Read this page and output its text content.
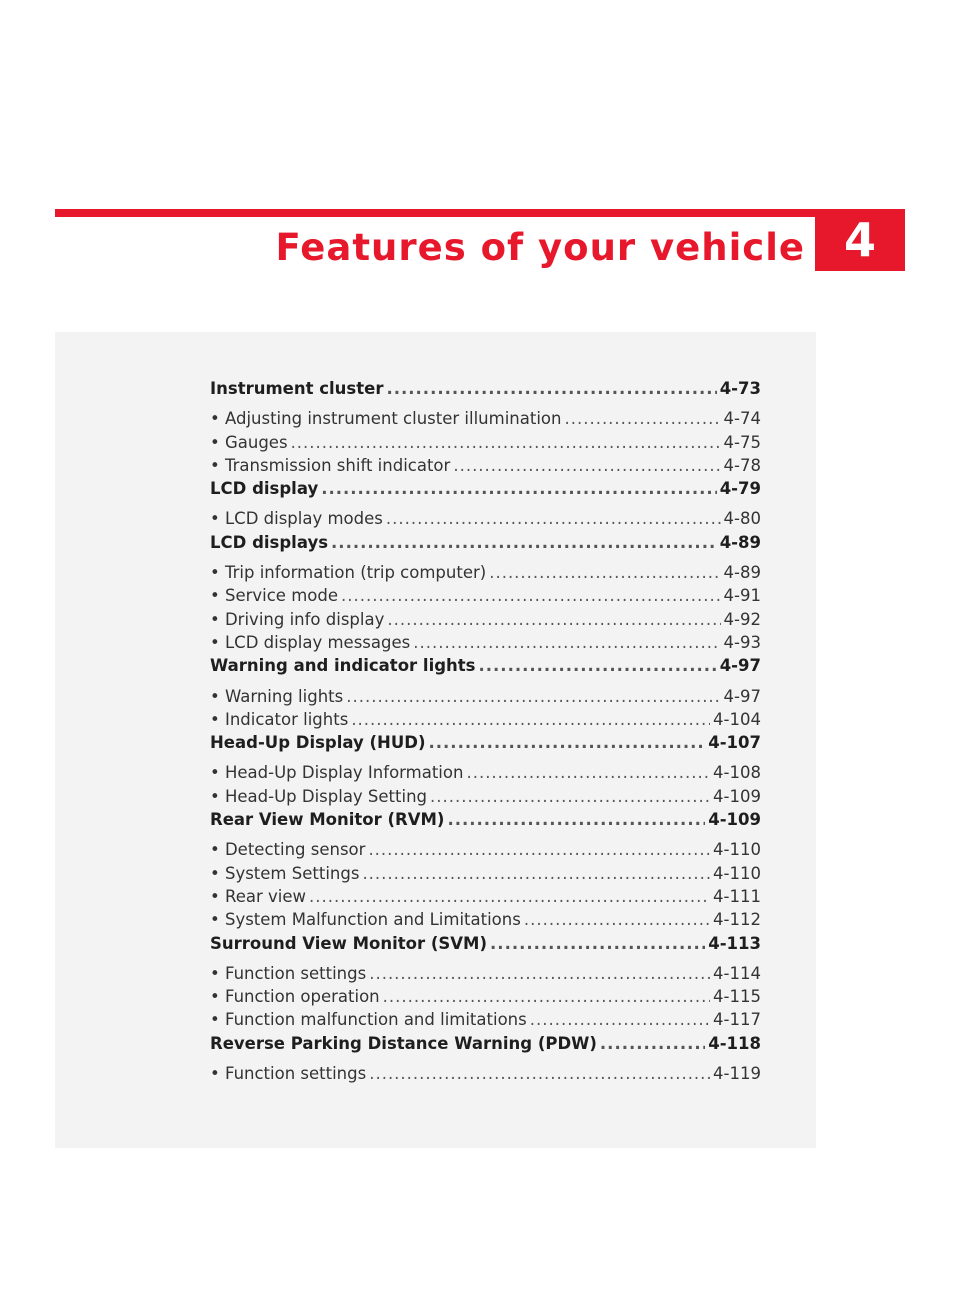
Features of your vehicle 4
Instrument cluster .....	4-73
• Adjusting instrument cluster illumination .....	4-74
• Gauges .....	4-75
• Transmission shift indicator .....	4-78
LCD display .....	4-79
• LCD display modes .....	4-80
LCD displays .....	4-89
• Trip information (trip computer) .....	4-89
• Service mode .....	4-91
• Driving info display .....	4-92
• LCD display messages .....	4-93
Warning and indicator lights .....	4-97
• Warning lights .....	4-97
• Indicator lights .....	4-104
Head-Up Display (HUD) .....	4-107
• Head-Up Display Information .....	4-108
• Head-Up Display Setting .....	4-109
Rear View Monitor (RVM) .....	4-109
• Detecting sensor .....	4-110
• System Settings .....	4-110
• Rear view .....	4-111
• System Malfunction and Limitations .....	4-112
Surround View Monitor (SVM) .....	4-113
• Function settings .....	4-114
• Function operation .....	4-115
• Function malfunction and limitations .....	4-117
Reverse Parking Distance Warning (PDW) .....	4-118
• Function settings .....	4-119
